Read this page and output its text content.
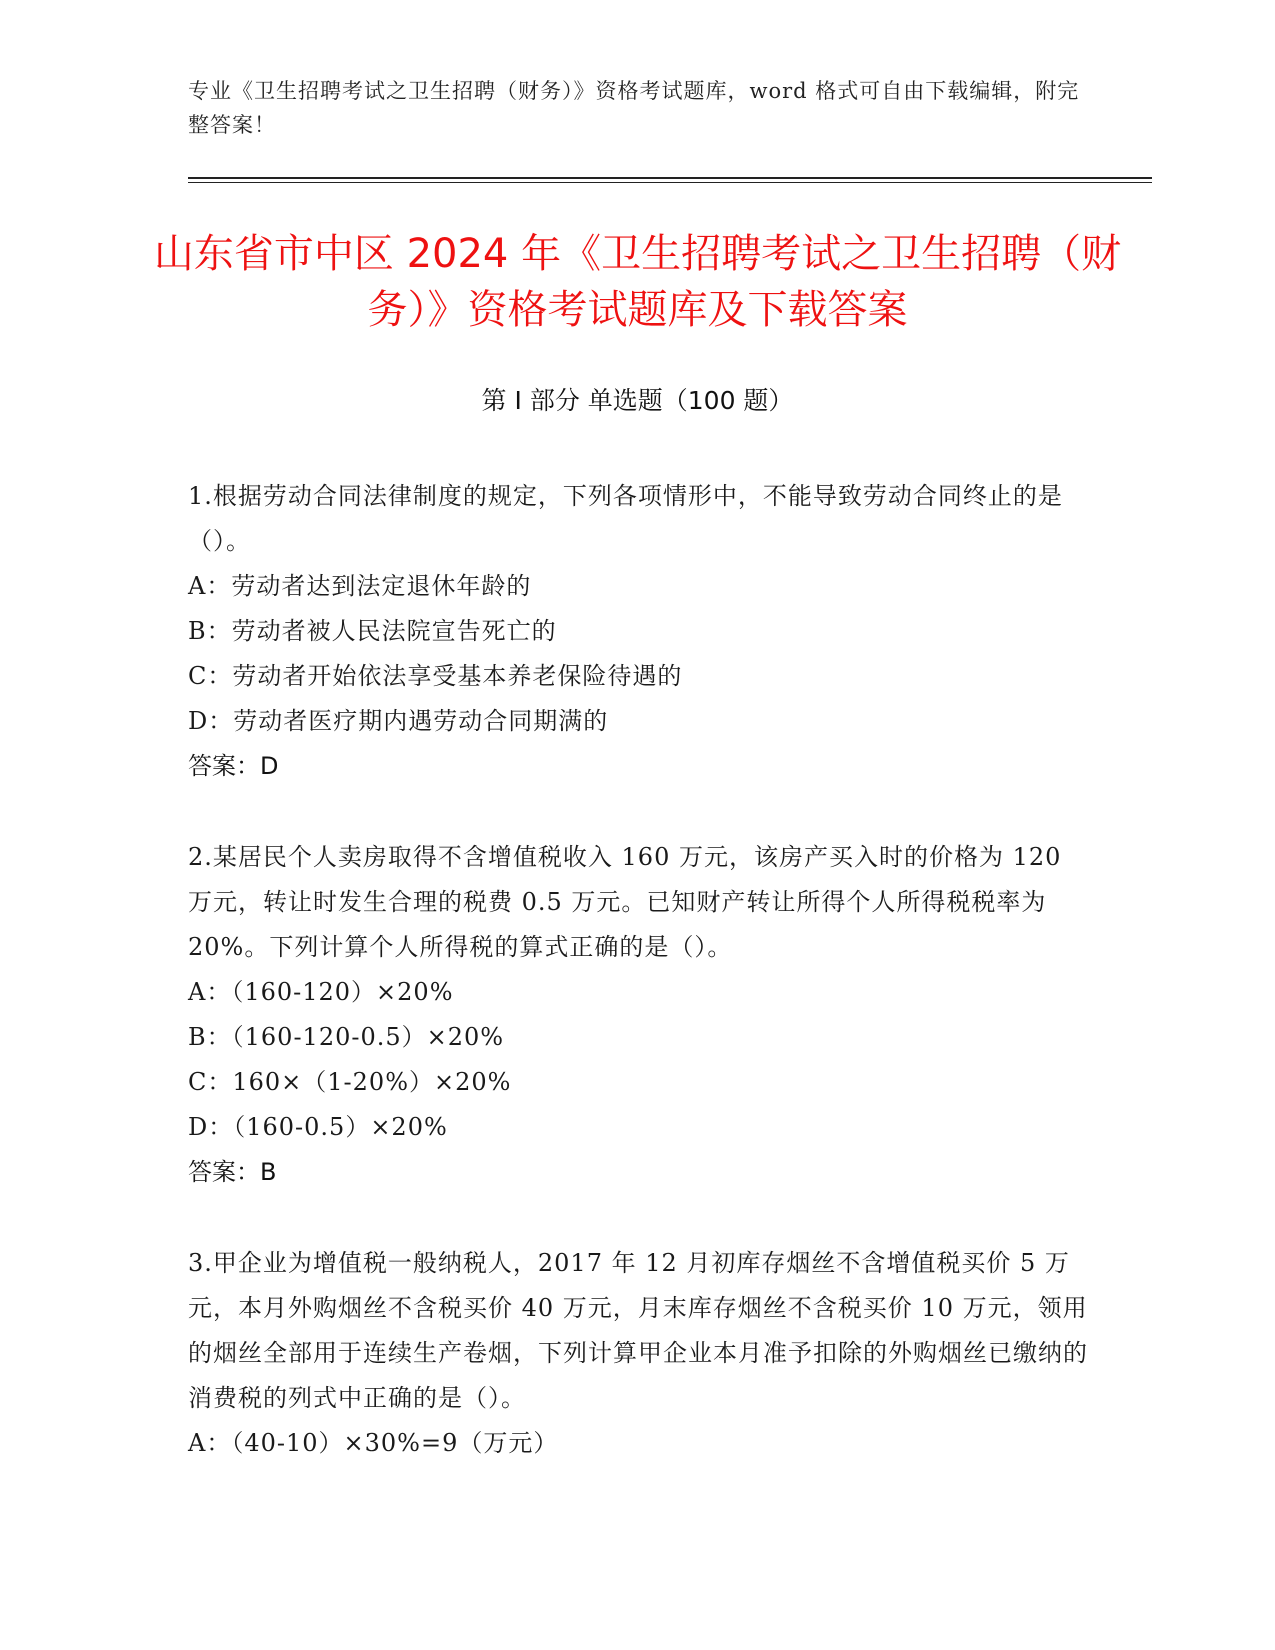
专业《卫生招聘考试之卫生招聘（财务）》资格考试题库，word 格式可自由下载编辑，附完整答案！
山东省市中区 2024 年《卫生招聘考试之卫生招聘（财务）》资格考试题库及下载答案
第 I 部分 单选题（100 题）
1.根据劳动合同法律制度的规定，下列各项情形中，不能导致劳动合同终止的是（）。
A：劳动者达到法定退休年龄的
B：劳动者被人民法院宣告死亡的
C：劳动者开始依法享受基本养老保险待遇的
D：劳动者医疗期内遇劳动合同期满的
答案：D
2.某居民个人卖房取得不含增值税收入 160 万元，该房产买入时的价格为 120 万元，转让时发生合理的税费 0.5 万元。已知财产转让所得个人所得税税率为 20%。下列计算个人所得税的算式正确的是（）。
A：（160-120）×20%
B：（160-120-0.5）×20%
C：160×（1-20%）×20%
D：（160-0.5）×20%
答案：B
3.甲企业为增值税一般纳税人，2017 年 12 月初库存烟丝不含增值税买价 5 万元，本月外购烟丝不含税买价 40 万元，月末库存烟丝不含税买价 10 万元，领用的烟丝全部用于连续生产卷烟，下列计算甲企业本月准予扣除的外购烟丝已缴纳的消费税的列式中正确的是（）。
A：（40-10）×30%=9（万元）
